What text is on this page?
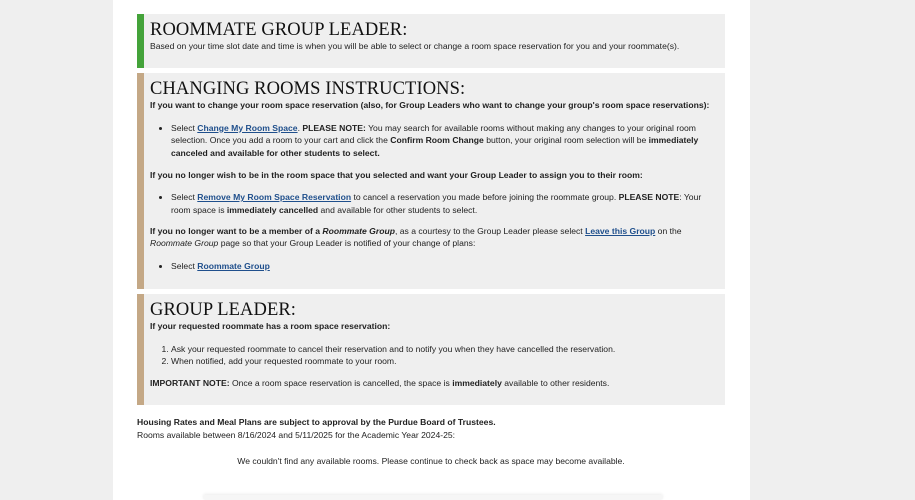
ROOMMATE GROUP LEADER:

Based on your time slot date and time is when you will be able to select or change a room space reservation for you and your roommate(s).

CHANGING ROOMS INSTRUCTIONS:

If you want to change your room space reservation (also, for Group Leaders who want to change your group's room space reservations):

• Select Change My Room Space. PLEASE NOTE: You may search for available rooms without making any changes to your original room selection. Once you add a room to your cart and click the Confirm Room Change button, your original room selection will be immediately canceled and available for other students to select.

If you no longer wish to be in the room space that you selected and want your Group Leader to assign you to their room:

• Select Remove My Room Space Reservation to cancel a reservation you made before joining the roommate group. PLEASE NOTE: Your room space is immediately cancelled and available for other students to select.

If you no longer want to be a member of a Roommate Group, as a courtesy to the Group Leader please select Leave this Group on the Roommate Group page so that your Group Leader is notified of your change of plans:

• Select Roommate Group
GROUP LEADER:

If your requested roommate has a room space reservation:

1. Ask your requested roommate to cancel their reservation and to notify you when they have cancelled the reservation.
2. When notified, add your requested roommate to your room.

IMPORTANT NOTE: Once a room space reservation is cancelled, the space is immediately available to other residents.

Housing Rates and Meal Plans are subject to approval by the Purdue Board of Trustees.

Rooms available between 8/16/2024 and 5/11/2025 for the Academic Year 2024-25:

We couldn't find any available rooms. Please continue to check back as space may become available.
